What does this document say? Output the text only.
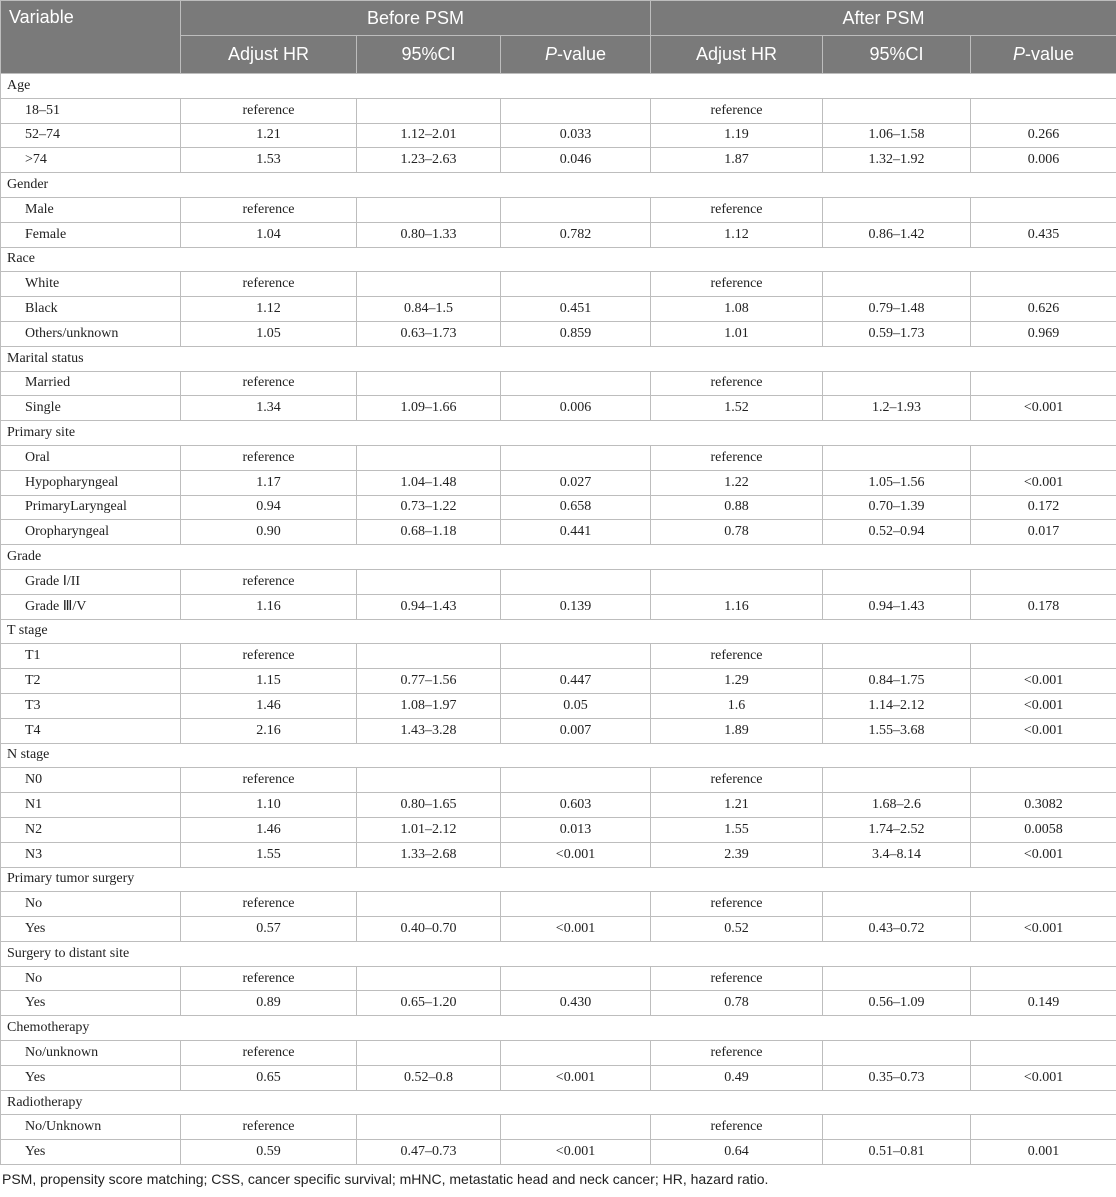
Variable	Before PSM			After PSM		
	Adjust HR	95%CI	P-value	Adjust HR	95%CI	P-value
Age						
18–51	reference			reference		
52–74	1.21	1.12–2.01	0.033	1.19	1.06–1.58	0.266
>74	1.53	1.23–2.63	0.046	1.87	1.32–1.92	0.006
Gender						
Male	reference			reference		
Female	1.04	0.80–1.33	0.782	1.12	0.86–1.42	0.435
Race						
White	reference			reference		
Black	1.12	0.84–1.5	0.451	1.08	0.79–1.48	0.626
Others/unknown	1.05	0.63–1.73	0.859	1.01	0.59–1.73	0.969
Marital status						
Married	reference			reference		
Single	1.34	1.09–1.66	0.006	1.52	1.2–1.93	<0.001
Primary site						
Oral	reference			reference		
Hypopharyngeal	1.17	1.04–1.48	0.027	1.22	1.05–1.56	<0.001
PrimaryLaryngeal	0.94	0.73–1.22	0.658	0.88	0.70–1.39	0.172
Oropharyngeal	0.90	0.68–1.18	0.441	0.78	0.52–0.94	0.017
Grade						
Grade Ⅰ/II	reference					
Grade Ⅲ/V	1.16	0.94–1.43	0.139	1.16	0.94–1.43	0.178
T stage						
T1	reference			reference		
T2	1.15	0.77–1.56	0.447	1.29	0.84–1.75	<0.001
T3	1.46	1.08–1.97	0.05	1.6	1.14–2.12	<0.001
T4	2.16	1.43–3.28	0.007	1.89	1.55–3.68	<0.001
N stage						
N0	reference			reference		
N1	1.10	0.80–1.65	0.603	1.21	1.68–2.6	0.3082
N2	1.46	1.01–2.12	0.013	1.55	1.74–2.52	0.0058
N3	1.55	1.33–2.68	<0.001	2.39	3.4–8.14	<0.001
Primary tumor surgery						
No	reference			reference		
Yes	0.57	0.40–0.70	<0.001	0.52	0.43–0.72	<0.001
Surgery to distant site						
No	reference			reference		
Yes	0.89	0.65–1.20	0.430	0.78	0.56–1.09	0.149
Chemotherapy						
No/unknown	reference			reference		
Yes	0.65	0.52–0.8	<0.001	0.49	0.35–0.73	<0.001
Radiotherapy						
No/Unknown	reference			reference		
Yes	0.59	0.47–0.73	<0.001	0.64	0.51–0.81	0.001
PSM, propensity score matching; CSS, cancer specific survival; mHNC, metastatic head and neck cancer; HR, hazard ratio.
